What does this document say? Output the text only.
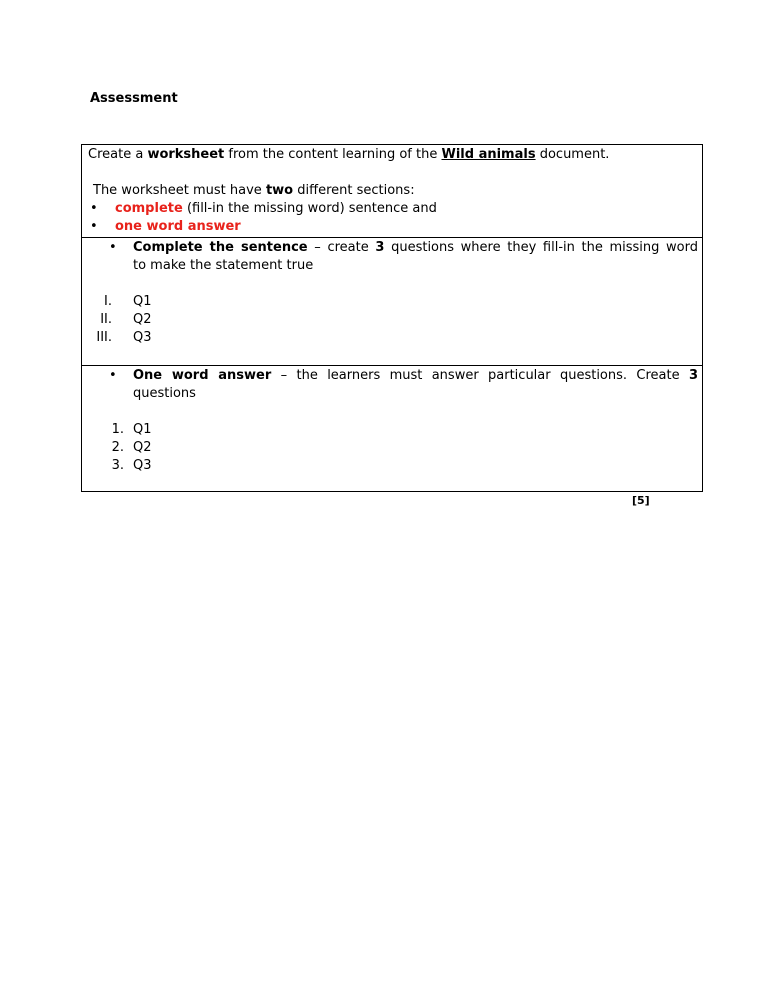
Assessment
Create a worksheet from the content learning of the Wild animals document.
The worksheet must have two different sections:
• complete (fill-in the missing word) sentence and
• one word answer
• Complete the sentence – create 3 questions where they fill-in the missing word
to make the statement true
I. Q1
II. Q2
III. Q3
• One word answer – the learners must answer particular questions. Create 3
questions
1. Q1
2. Q2
3. Q3
[5]
